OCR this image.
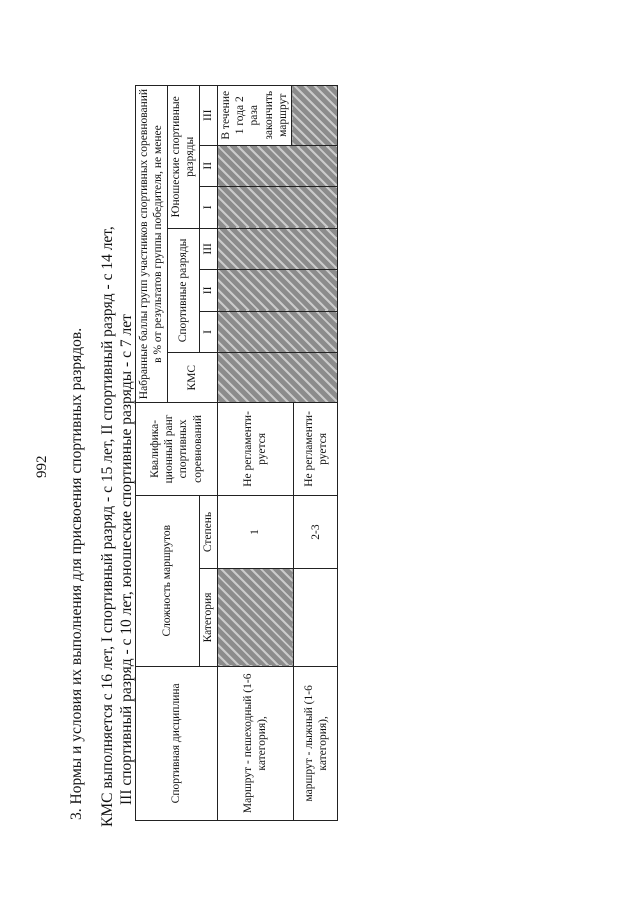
992 3. Нормы и условия их выполнения для присвоения спортивных разрядов. КМС выполняется с 16 лет, I спортивный разряд - с 15 лет, II спортивный разряд - с 14 лет, III спортивный разряд - с 10 лет, юношеские спортивные разряды - с 7 лет	Спортивная дисциплина	Сложность маршрутов		Квалифика- ционный ранг спортивных соревнований	Набранные баллы групп участников спортивных соревнований в % от результатов группы победителя, не менее						
				КМС	Спортивные разряды			Юношеские спортивные разряды		
	Категория	Степень			I	II	III	I	II	III
Маршрут - пешеходный (1-6 категория),		1	Не регламенти- руется							В течение 1 года 2 раза закончить маршрут

маршрут - лыжный (1-6 категория),		2-3	Не регламенти- руется							
